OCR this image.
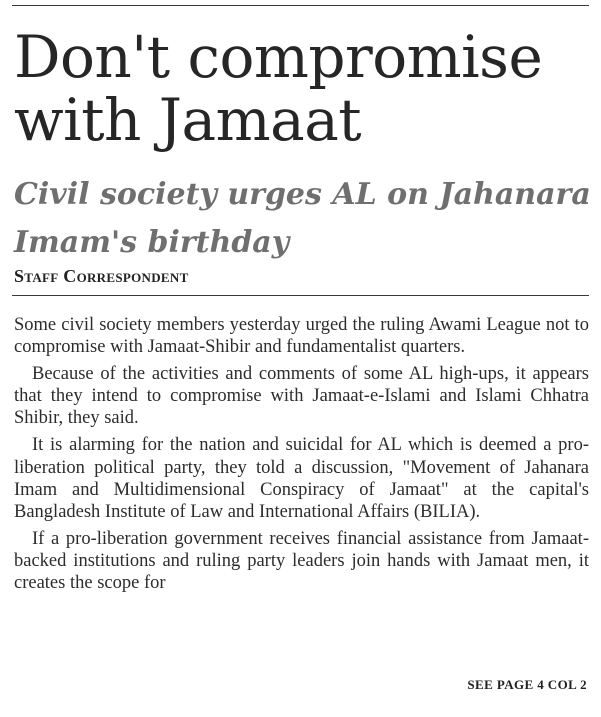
Don't compromise with Jamaat
Civil society urges AL on Jahanara Imam's birthday
Staff Correspondent

Some civil society members yesterday urged the ruling Awami League not to compromise with Jamaat-Shibir and fundamentalist quarters.

Because of the activities and comments of some AL high-ups, it appears that they intend to compromise with Jamaat-e-Islami and Islami Chhatra Shibir, they said.

It is alarming for the nation and suicidal for AL which is deemed a pro-liberation political party, they told a discussion, "Movement of Jahanara Imam and Multidimensional Conspiracy of Jamaat" at the capital's Bangladesh Institute of Law and International Affairs (BILIA).

If a pro-liberation government receives financial assistance from Jamaat-backed institutions and ruling party leaders join hands with Jamaat men, it creates the scope for

SEE PAGE 4 COL 2
